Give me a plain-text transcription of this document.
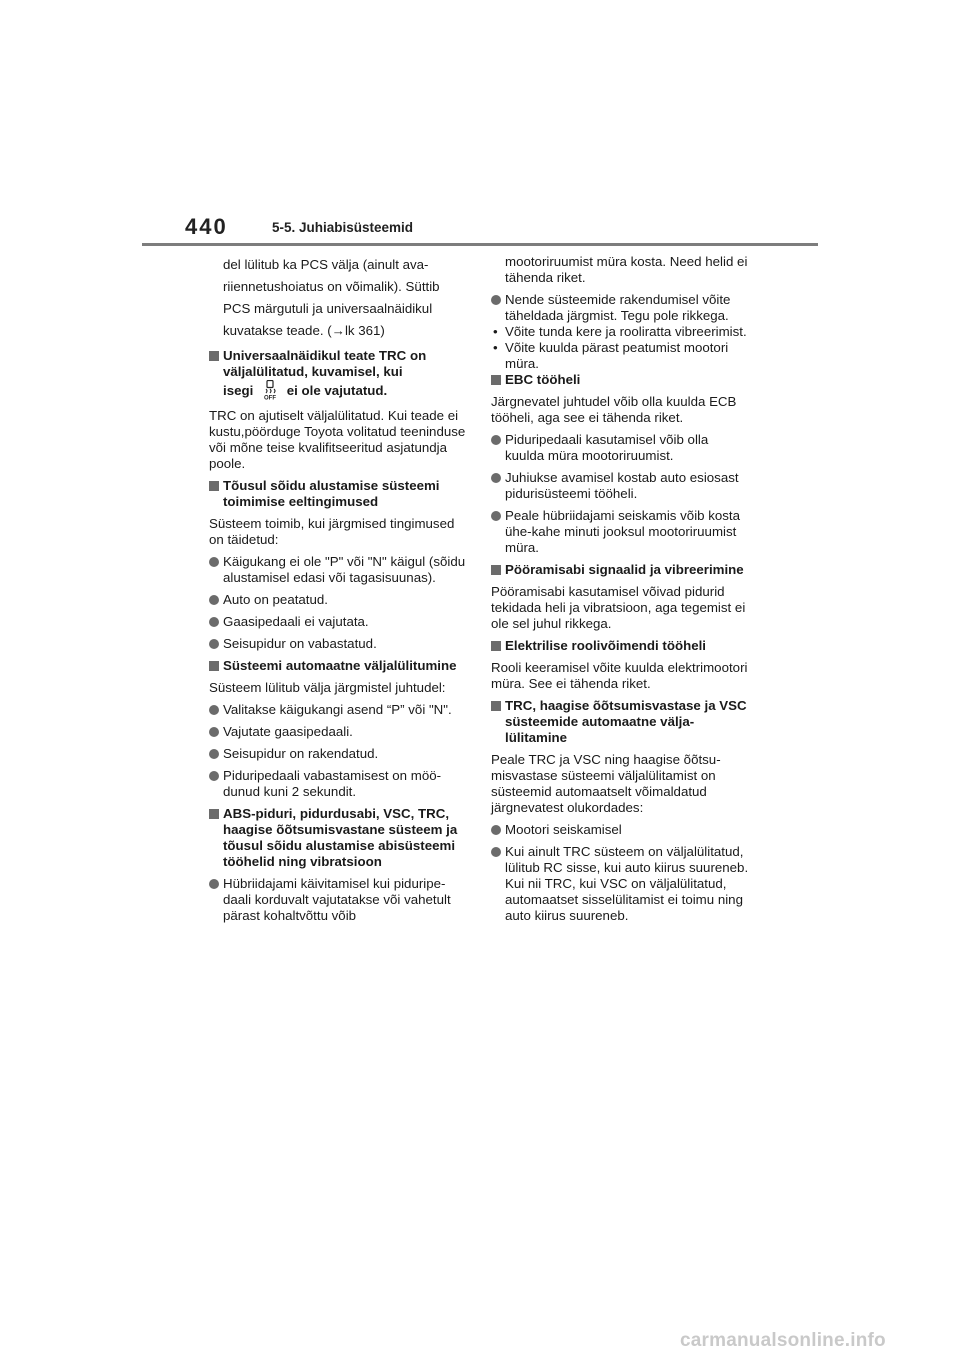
440	5-5. Juhiabisüsteemid
del lülitub ka PCS välja (ainult avariiennetushoiatus on võimalik). Süttib PCS märgutuli ja universaalnäidikul kuvatakse teade. (→lk 361)
Universaalnäidikul teate TRC on väljalülitatud, kuvamisel, kui
isegi
OFF
ei ole vajutatud.
TRC on ajutiselt väljalülitatud. Kui teade ei kustu,pöörduge Toyota volitatud teeninduse või mõne teise kvalifitseeritud asjatundja poole.
Tõusul sõidu alustamise süsteemi toimimise eeltingimused
Süsteem toimib, kui järgmised tingimused on täidetud:
Käigukang ei ole "P" või "N" käigul (sõidu alustamisel edasi või tagasisuunas).
Auto on peatatud.
Gaasipedaali ei vajutata.
Seisupidur on vabastatud.
Süsteemi automaatne väljalülitumine
Süsteem lülitub välja järgmistel juhtudel:
Valitakse käigukangi asend “P” või "N".
Vajutate gaasipedaali.
Seisupidur on rakendatud.
Piduripedaali vabastamisest on möödunud kuni 2 sekundit.
ABS-piduri, pidurdusabi, VSC, TRC, haagise õõtsumisvastane süsteem ja tõusul sõidu alustamise abisüsteemi tööhelid ning vibratsioon
Hübriidajami käivitamisel kui piduripedaali korduvalt vajutatakse või vahetult pärast kohaltvõttu võib
mootoriruumist müra kosta. Need helid ei tähenda riket.
Nende süsteemide rakendumisel võite täheldada järgmist. Tegu pole rikkega.
• Võite tunda kere ja rooliratta vibreerimist.
• Võite kuulda pärast peatumist mootori müra.
EBC tööheli
Järgnevatel juhtudel võib olla kuulda ECB tööheli, aga see ei tähenda riket.
Piduripedaali kasutamisel võib olla kuulda müra mootoriruumist.
Juhiukse avamisel kostab auto esiosast pidurisüsteemi tööheli.
Peale hübriidajami seiskamis võib kosta ühe-kahe minuti jooksul mootoriruumist müra.
Pööramisabi signaalid ja vibreerimine
Pööramisabi kasutamisel võivad pidurid tekidada heli ja vibratsioon, aga tegemist ei ole sel juhul rikkega.
Elektrilise roolivõimendi tööheli
Rooli keeramisel võite kuulda elektrimootori müra. See ei tähenda riket.
TRC, haagise õõtsumisvastase ja VSC süsteemide automaatne väljalülitamine
Peale TRC ja VSC ning haagise õõtsumisvastase süsteemi väljalülitamist on süsteemid automaatselt võimaldatud järgnevatest olukordades:
Mootori seiskamisel
Kui ainult TRC süsteem on väljalülitatud, lülitub RC sisse, kui auto kiirus suureneb.
Kui nii TRC, kui VSC on väljalülitatud, automaatset sisselülitamist ei toimu ning auto kiirus suureneb.
carmanualsonline.info
